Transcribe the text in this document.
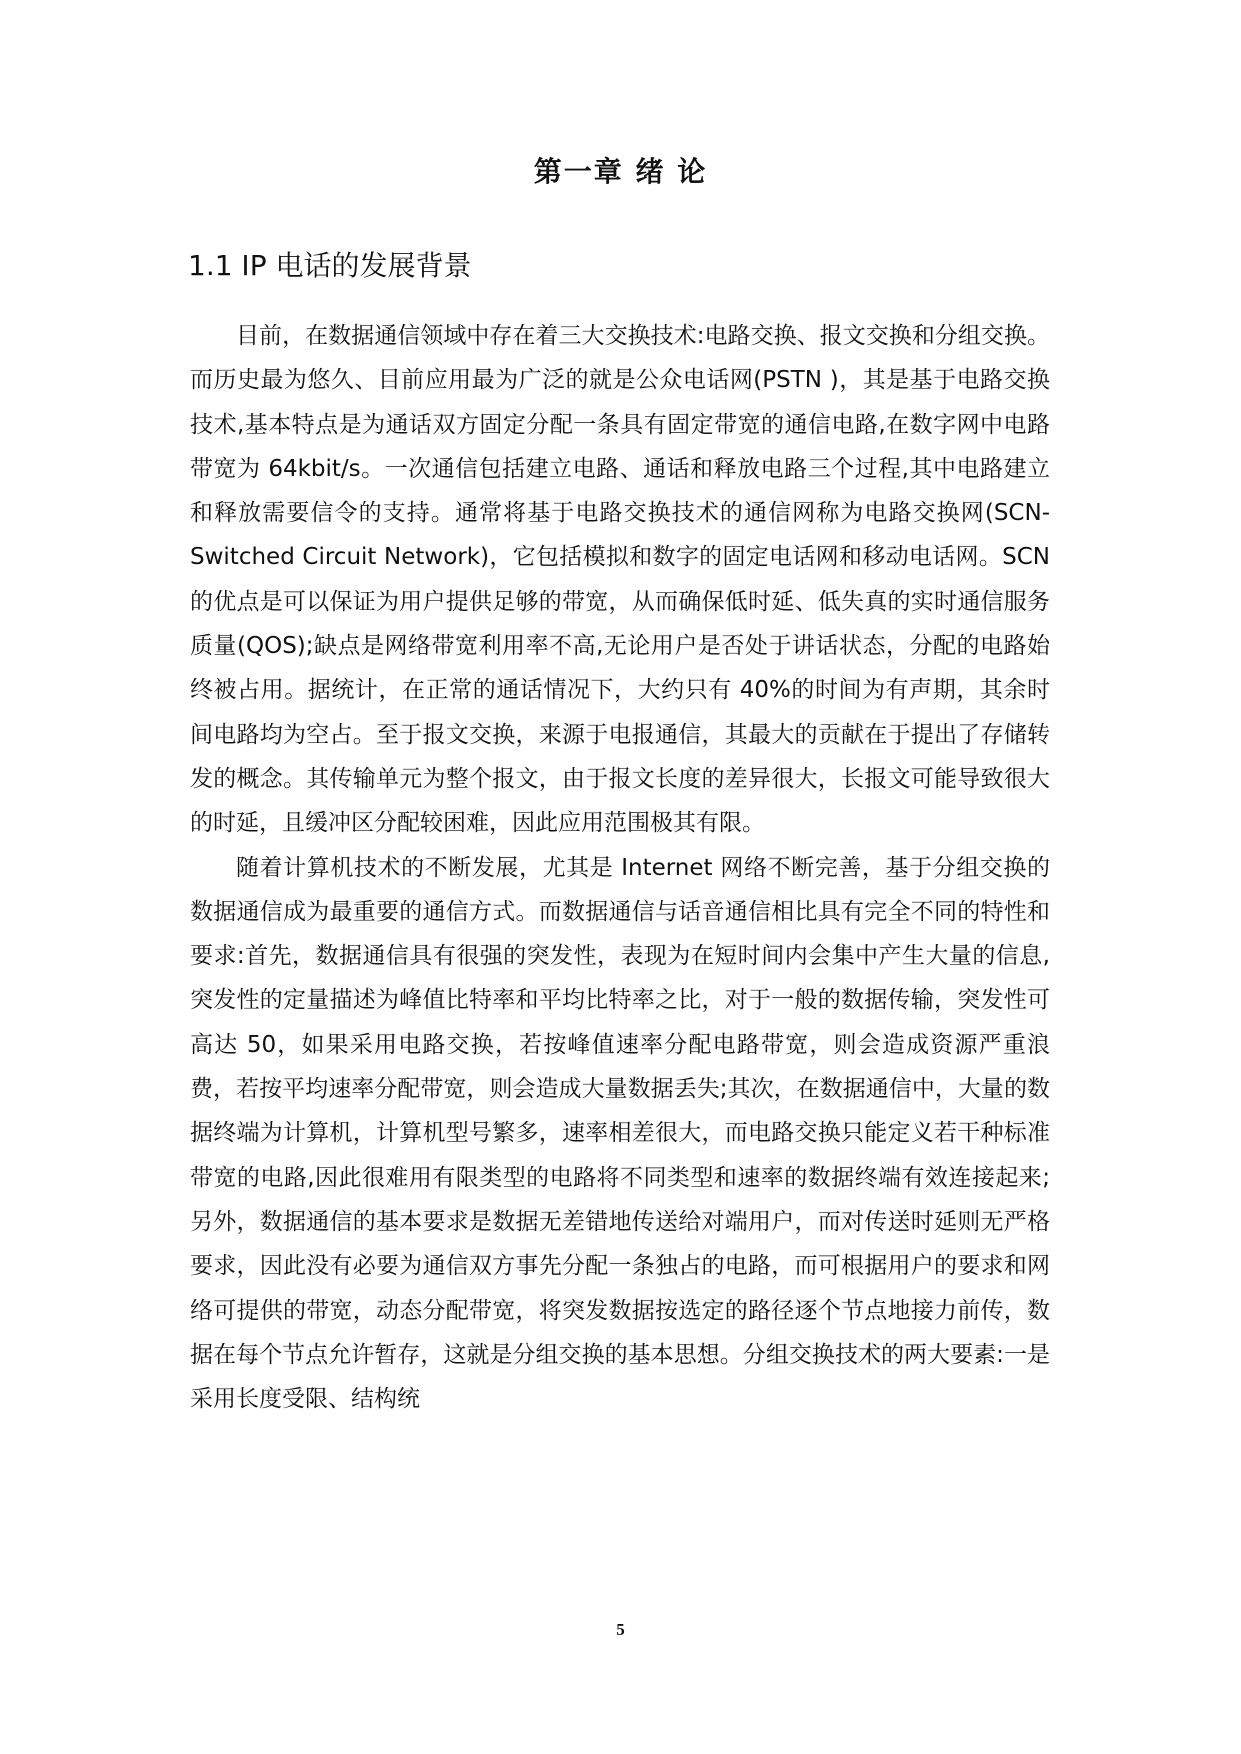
第一章 绪 论
1.1 IP 电话的发展背景

目前，在数据通信领域中存在着三大交换技术:电路交换、报文交换和分组交换。而历史最为悠久、目前应用最为广泛的就是公众电话网(PSTN )，其是基于电路交换技术,基本特点是为通话双方固定分配一条具有固定带宽的通信电路,在数字网中电路带宽为 64kbit/s。一次通信包括建立电路、通话和释放电路三个过程,其中电路建立和释放需要信令的支持。通常将基于电路交换技术的通信网称为电路交换网(SCN-Switched Circuit Network)，它包括模拟和数字的固定电话网和移动电话网。SCN 的优点是可以保证为用户提供足够的带宽，从而确保低时延、低失真的实时通信服务质量(QOS);缺点是网络带宽利用率不高,无论用户是否处于讲话状态，分配的电路始终被占用。据统计，在正常的通话情况下，大约只有 40%的时间为有声期，其余时间电路均为空占。至于报文交换，来源于电报通信，其最大的贡献在于提出了存储转发的概念。其传输单元为整个报文，由于报文长度的差异很大，长报文可能导致很大的时延，且缓冲区分配较困难，因此应用范围极其有限。

随着计算机技术的不断发展，尤其是 Internet 网络不断完善，基于分组交换的数据通信成为最重要的通信方式。而数据通信与话音通信相比具有完全不同的特性和要求:首先，数据通信具有很强的突发性，表现为在短时间内会集中产生大量的信息,突发性的定量描述为峰值比特率和平均比特率之比，对于一般的数据传输，突发性可高达 50，如果采用电路交换，若按峰值速率分配电路带宽，则会造成资源严重浪费，若按平均速率分配带宽，则会造成大量数据丢失;其次，在数据通信中，大量的数据终端为计算机，计算机型号繁多，速率相差很大，而电路交换只能定义若干种标准带宽的电路,因此很难用有限类型的电路将不同类型和速率的数据终端有效连接起来;另外，数据通信的基本要求是数据无差错地传送给对端用户，而对传送时延则无严格要求，因此没有必要为通信双方事先分配一条独占的电路，而可根据用户的要求和网络可提供的带宽，动态分配带宽，将突发数据按选定的路径逐个节点地接力前传，数据在每个节点允许暂存，这就是分组交换的基本思想。分组交换技术的两大要素:一是采用长度受限、结构统

5
